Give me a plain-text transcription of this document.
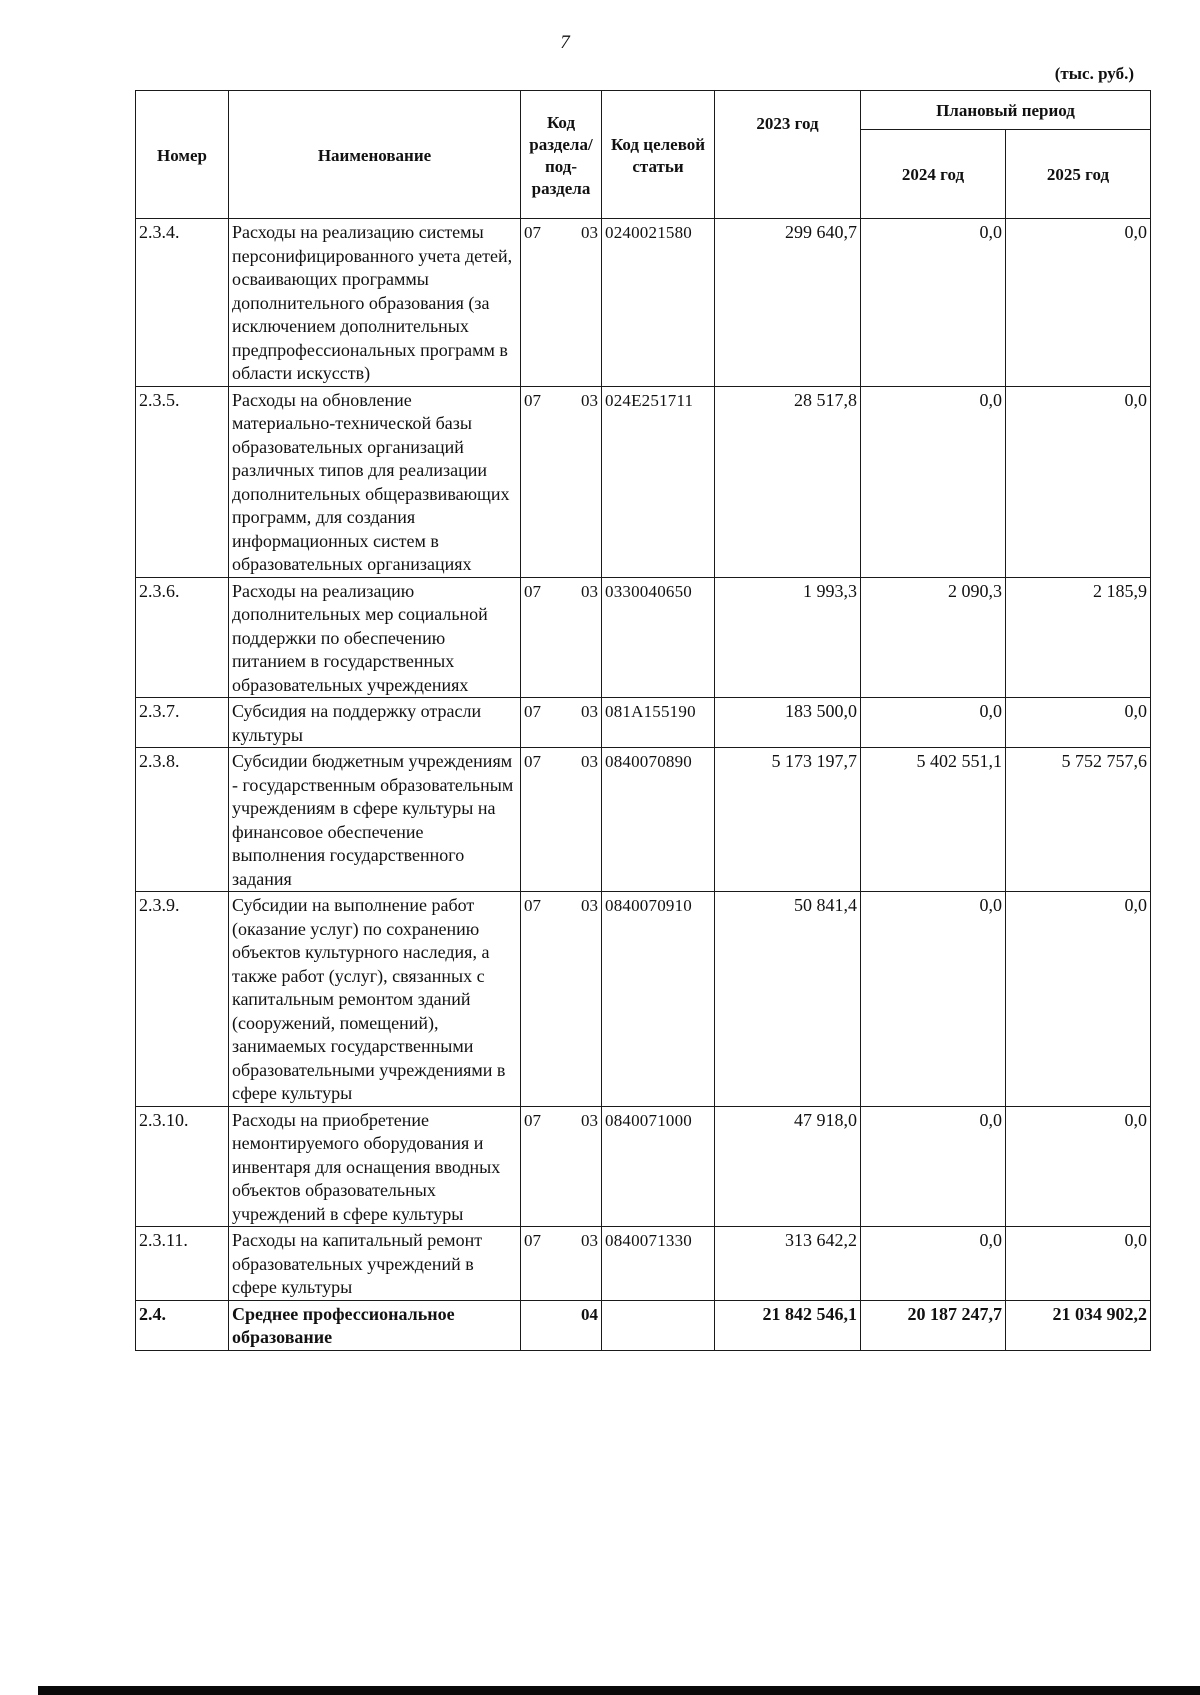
7
(тыс. руб.)
Номер	Наименование	Код раздела/ под-раздела	Код целевой статьи	2023 год	Плановый период	
					2024 год	2025 год
2.3.4.	Расходы на реализацию системы персонифицированного учета детей, осваивающих программы дополнительного образования (за исключением дополнительных предпрофессиональных программ в области искусств)	07 03	0240021580	299 640,7	0,0	0,0
2.3.5.	Расходы на обновление материально-технической базы образовательных организаций различных типов для реализации дополнительных общеразвивающих программ, для создания информационных систем в образовательных организациях	07 03	024E251711	28 517,8	0,0	0,0
2.3.6.	Расходы на реализацию дополнительных мер социальной поддержки по обеспечению питанием в государственных образовательных учреждениях	07 03	0330040650	1 993,3	2 090,3	2 185,9
2.3.7.	Субсидия на поддержку отрасли культуры	07 03	081A155190	183 500,0	0,0	0,0
2.3.8.	Субсидии бюджетным учреждениям - государственным образовательным учреждениям в сфере культуры на финансовое обеспечение выполнения государственного задания	07 03	0840070890	5 173 197,7	5 402 551,1	5 752 757,6
2.3.9.	Субсидии на выполнение работ (оказание услуг) по сохранению объектов культурного наследия, а также работ (услуг), связанных с капитальным ремонтом зданий (сооружений, помещений), занимаемых государственными образовательными учреждениями в сфере культуры	07 03	0840070910	50 841,4	0,0	0,0
2.3.10.	Расходы на приобретение немонтируемого оборудования и инвентаря для оснащения вводных объектов образовательных учреждений в сфере культуры	07 03	0840071000	47 918,0	0,0	0,0
2.3.11.	Расходы на капитальный ремонт образовательных учреждений в сфере культуры	07 03	0840071330	313 642,2	0,0	0,0
2.4.	Среднее профессиональное образование	04		21 842 546,1	20 187 247,7	21 034 902,2
